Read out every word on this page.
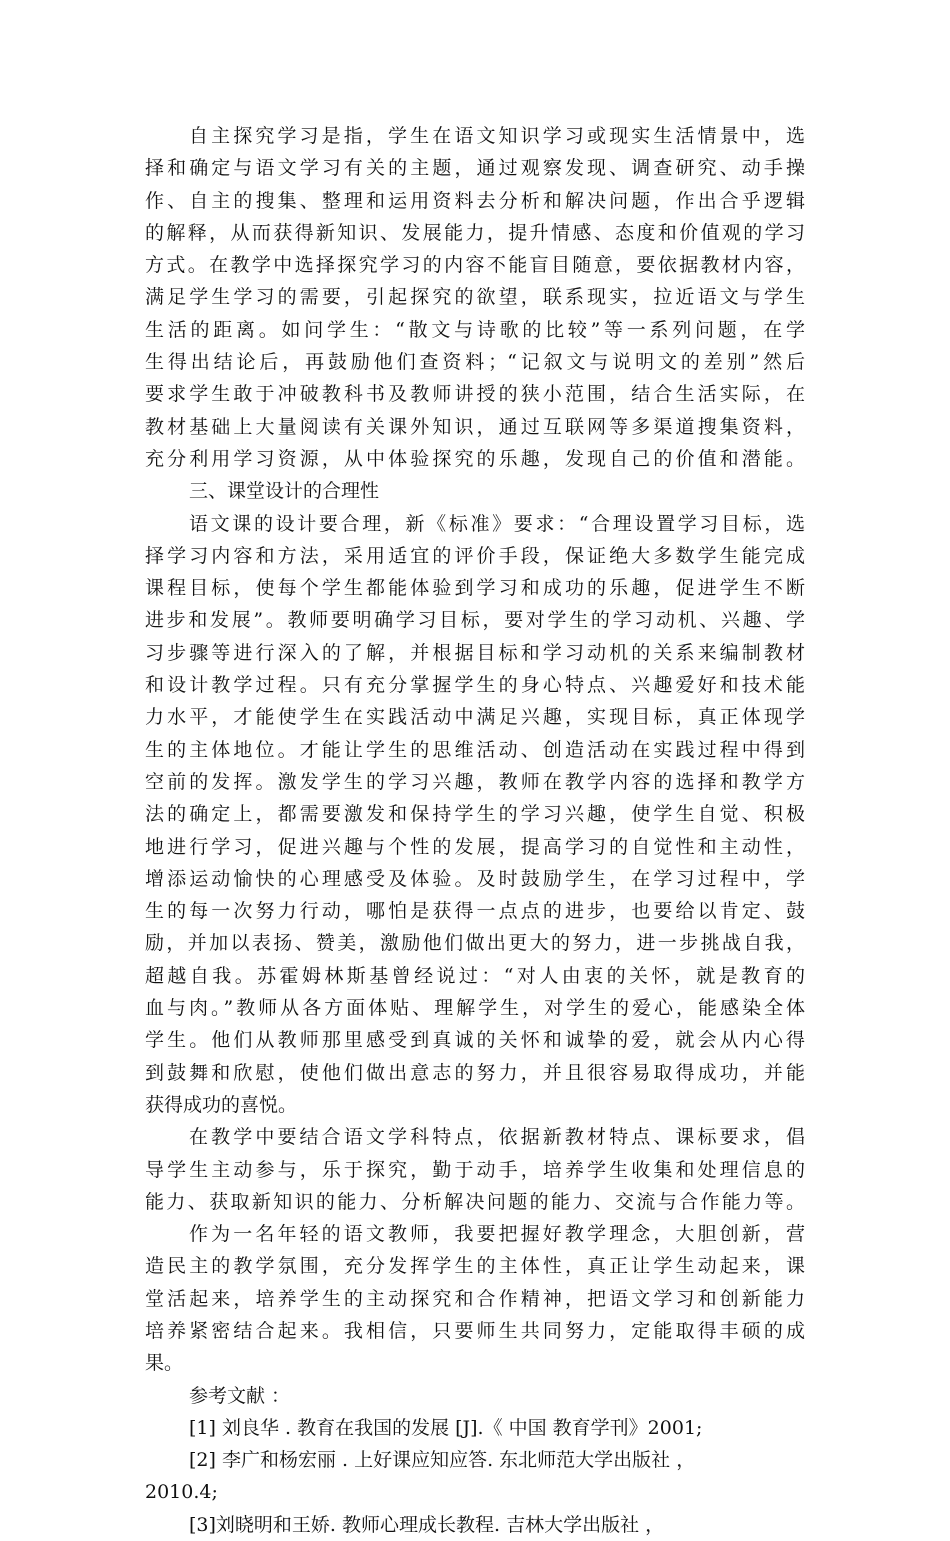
自主探究学习是指，学生在语文知识学习或现实生活情景中，选
择和确定与语文学习有关的主题，通过观察发现、调查研究、动手操
作、自主的搜集、整理和运用资料去分析和解决问题，作出合乎逻辑
的解释，从而获得新知识、发展能力，提升情感、态度和价值观的学习
方式。在教学中选择探究学习的内容不能盲目随意，要依据教材内容，
满足学生学习的需要，引起探究的欲望，联系现实，拉近语文与学生
生活的距离。如问学生：“散文与诗歌的比较”等一系列问题，在学
生得出结论后，再鼓励他们查资料；“记叙文与说明文的差别”然后
要求学生敢于冲破教科书及教师讲授的狭小范围，结合生活实际，在
教材基础上大量阅读有关课外知识，通过互联网等多渠道搜集资料，
充分利用学习资源，从中体验探究的乐趣，发现自己的价值和潜能。
三、课堂设计的合理性
语文课的设计要合理，新《标准》要求：“合理设置学习目标，选
择学习内容和方法，采用适宜的评价手段，保证绝大多数学生能完成
课程目标，使每个学生都能体验到学习和成功的乐趣，促进学生不断
进步和发展”。教师要明确学习目标，要对学生的学习动机、兴趣、学
习步骤等进行深入的了解，并根据目标和学习动机的关系来编制教材
和设计教学过程。只有充分掌握学生的身心特点、兴趣爱好和技术能
力水平，才能使学生在实践活动中满足兴趣，实现目标，真正体现学
生的主体地位。才能让学生的思维活动、创造活动在实践过程中得到
空前的发挥。激发学生的学习兴趣，教师在教学内容的选择和教学方
法的确定上，都需要激发和保持学生的学习兴趣，使学生自觉、积极
地进行学习，促进兴趣与个性的发展，提高学习的自觉性和主动性，
增添运动愉快的心理感受及体验。及时鼓励学生，在学习过程中，学
生的每一次努力行动，哪怕是获得一点点的进步，也要给以肯定、鼓
励，并加以表扬、赞美，激励他们做出更大的努力，进一步挑战自我，
超越自我。苏霍姆林斯基曾经说过：“对人由衷的关怀，就是教育的
血与肉。”教师从各方面体贴、理解学生，对学生的爱心，能感染全体
学生。他们从教师那里感受到真诚的关怀和诚挚的爱，就会从内心得
到鼓舞和欣慰，使他们做出意志的努力，并且很容易取得成功，并能
获得成功的喜悦。
在教学中要结合语文学科特点，依据新教材特点、课标要求，倡
导学生主动参与，乐于探究，勤于动手，培养学生收集和处理信息的
能力、获取新知识的能力、分析解决问题的能力、交流与合作能力等。
作为一名年轻的语文教师，我要把握好教学理念，大胆创新，营
造民主的教学氛围，充分发挥学生的主体性，真正让学生动起来，课
堂活起来，培养学生的主动探究和合作精神，把语文学习和创新能力
培养紧密结合起来。我相信，只要师生共同努力，定能取得丰硕的成
果。
参考文献 ：
[1] 刘良华 . 教育在我国的发展 [J].《 中国 教育学刊》2001;
[2] 李广和杨宏丽 . 上好课应知应答. 东北师范大学出版社 ，
2010.4;
[3]刘晓明和王娇. 教师心理成长教程. 吉林大学出版社 ，
